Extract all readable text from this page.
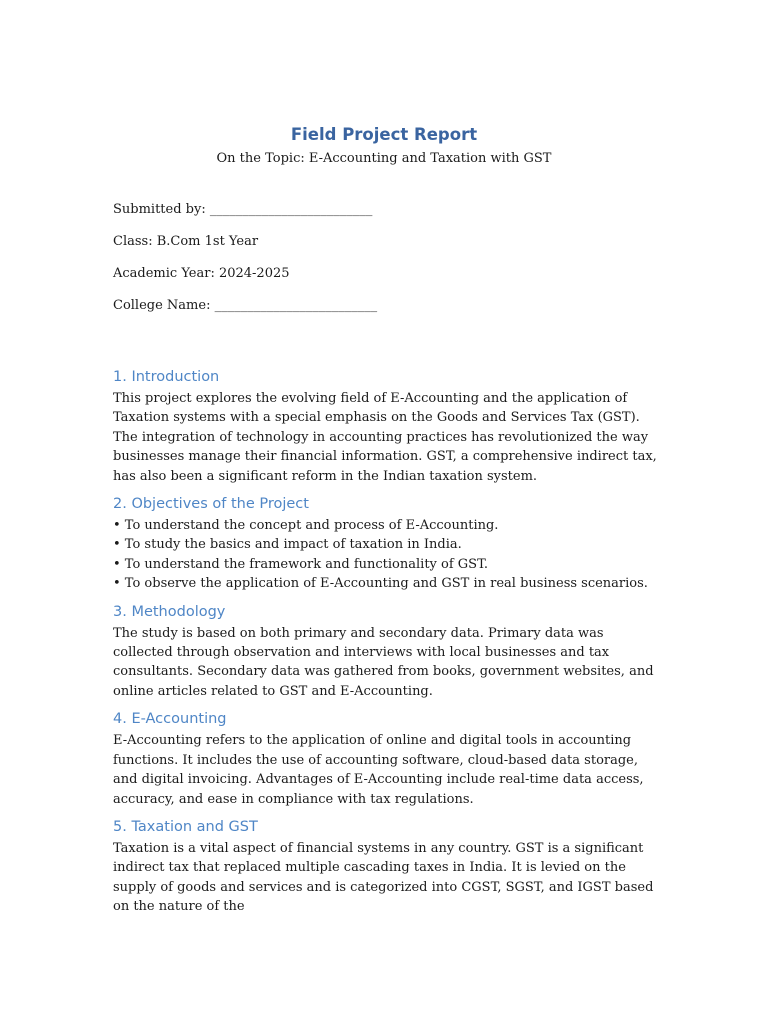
Field Project Report
On the Topic: E-Accounting and Taxation with GST
Submitted by: _________________________
Class: B.Com 1st Year
Academic Year: 2024-2025
College Name: _________________________
1. Introduction

This project explores the evolving field of E-Accounting and the application of Taxation systems with a special emphasis on the Goods and Services Tax (GST). The integration of technology in accounting practices has revolutionized the way businesses manage their financial information. GST, a comprehensive indirect tax, has also been a significant reform in the Indian taxation system.

2. Objectives of the Project
• To understand the concept and process of E-Accounting.
• To study the basics and impact of taxation in India.
• To understand the framework and functionality of GST.
• To observe the application of E-Accounting and GST in real business scenarios.
3. Methodology

The study is based on both primary and secondary data. Primary data was collected through observation and interviews with local businesses and tax consultants. Secondary data was gathered from books, government websites, and online articles related to GST and E-Accounting.

4. E-Accounting

E-Accounting refers to the application of online and digital tools in accounting functions. It includes the use of accounting software, cloud-based data storage, and digital invoicing. Advantages of E-Accounting include real-time data access, accuracy, and ease in compliance with tax regulations.

5. Taxation and GST

Taxation is a vital aspect of financial systems in any country. GST is a significant indirect tax that replaced multiple cascading taxes in India. It is levied on the supply of goods and services and is categorized into CGST, SGST, and IGST based on the nature of the
